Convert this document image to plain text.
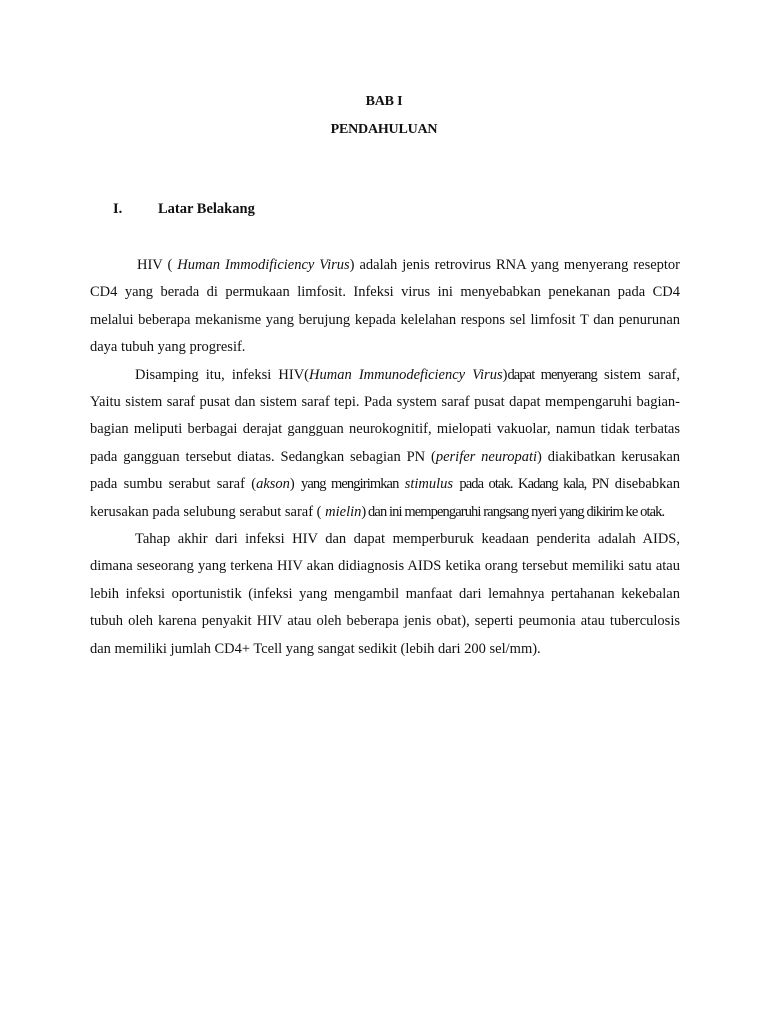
BAB I
PENDAHULUAN
I. Latar Belakang

HIV ( Human Immodificiency Virus) adalah jenis retrovirus RNA yang menyerang reseptor CD4 yang berada di permukaan limfosit. Infeksi virus ini menyebabkan penekanan pada CD4 melalui beberapa mekanisme yang berujung kepada kelelahan respons sel limfosit T dan penurunan daya tubuh yang progresif.

Disamping itu, infeksi HIV(Human Immunodeficiency Virus)dapat menyerang sistem saraf, Yaitu sistem saraf pusat dan sistem saraf tepi. Pada system saraf pusat dapat mempengaruhi bagian-bagian meliputi berbagai derajat gangguan neurokognitif, mielopati vakuolar, namun tidak terbatas pada gangguan tersebut diatas. Sedangkan sebagian PN (perifer neuropati) diakibatkan kerusakan pada sumbu serabut saraf (akson) yang mengirimkan stimulus pada otak. Kadang kala, PN disebabkan kerusakan pada selubung serabut saraf ( mielin) dan ini mempengaruhi rangsang nyeri yang dikirim ke otak.

Tahap akhir dari infeksi HIV dan dapat memperburuk keadaan penderita adalah AIDS, dimana seseorang yang terkena HIV akan didiagnosis AIDS ketika orang tersebut memiliki satu atau lebih infeksi oportunistik (infeksi yang mengambil manfaat dari lemahnya pertahanan kekebalan tubuh oleh karena penyakit HIV atau oleh beberapa jenis obat), seperti peumonia atau tuberculosis dan memiliki jumlah CD4+ Tcell yang sangat sedikit (lebih dari 200 sel/mm).
